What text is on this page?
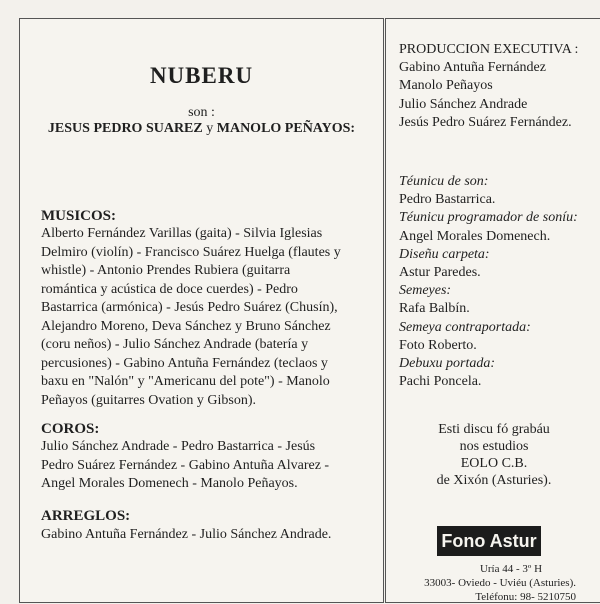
NUBERU
son :
JESUS PEDRO SUAREZ y MANOLO PEÑAYOS:
MUSICOS:
Alberto Fernández Varillas (gaita) - Silvia Iglesias
Delmiro (violín) - Francisco Suárez Huelga (flautes y
whistle) - Antonio Prendes Rubiera (guitarra
romántica y acústica de doce cuerdes) - Pedro
Bastarrica (armónica) - Jesús Pedro Suárez (Chusín),
Alejandro Moreno, Deva Sánchez y Bruno Sánchez
(coru neños) - Julio Sánchez Andrade (batería y
percusiones) - Gabino Antuña Fernández (teclaos y
baxu en "Nalón" y "Americanu del pote") - Manolo
Peñayos (guitarres Ovation y Gibson).
COROS:
Julio Sánchez Andrade - Pedro Bastarrica - Jesús
Pedro Suárez Fernández - Gabino Antuña Alvarez -
Angel Morales Domenech - Manolo Peñayos.
ARREGLOS:
Gabino Antuña Fernández - Julio Sánchez Andrade.
PRODUCCION EXECUTIVA :
Gabino Antuña Fernández
Manolo Peñayos
Julio Sánchez Andrade
Jesús Pedro Suárez Fernández.
Téunicu de son:
Pedro Bastarrica.
Téunicu programador de soníu:
Angel Morales Domenech.
Diseñu carpeta:
Astur Paredes.
Semeyes:
Rafa Balbín.
Semeya contraportada:
Foto Roberto.
Debuxu portada:
Pachi Poncela.
Esti discu fó grabáu
nos estudios
EOLO C.B.
de Xixón (Asturies).
Fono Astur
Uría 44 - 3º H
33003- Oviedo - Uviéu (Asturies).
Teléfonu: 98- 5210750
